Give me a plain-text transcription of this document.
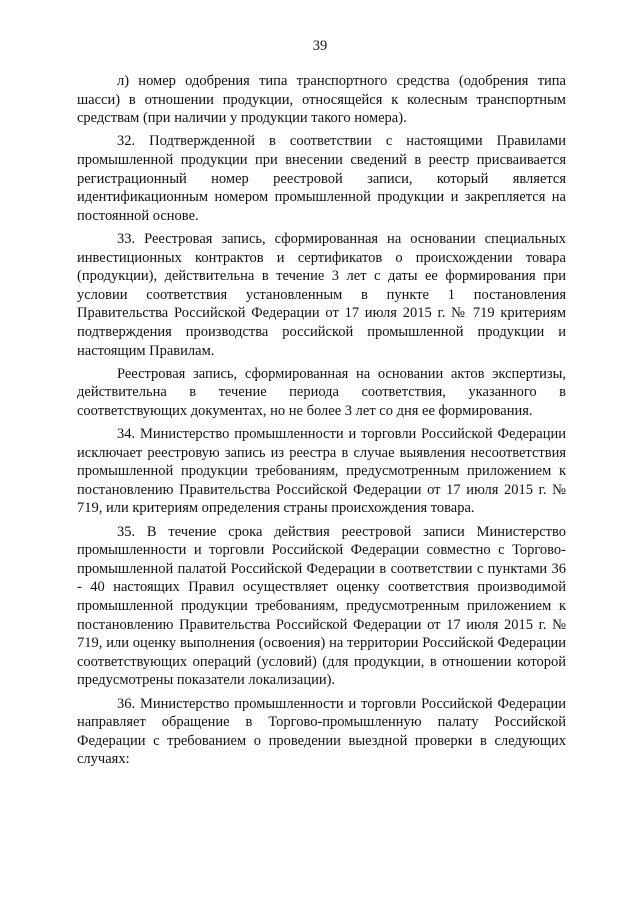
39

л) номер одобрения типа транспортного средства (одобрения типа шасси) в отношении продукции, относящейся к колесным транспортным средствам (при наличии у продукции такого номера).

32. Подтвержденной в соответствии с настоящими Правилами промышленной продукции при внесении сведений в реестр присваивается регистрационный номер реестровой записи, который является идентификационным номером промышленной продукции и закрепляется на постоянной основе.

33. Реестровая запись, сформированная на основании специальных инвестиционных контрактов и сертификатов о происхождении товара (продукции), действительна в течение 3 лет с даты ее формирования при условии соответствия установленным в пункте 1 постановления Правительства Российской Федерации от 17 июля 2015 г. № 719 критериям подтверждения производства российской промышленной продукции и настоящим Правилам.

Реестровая запись, сформированная на основании актов экспертизы, действительна в течение периода соответствия, указанного в соответствующих документах, но не более 3 лет со дня ее формирования.

34. Министерство промышленности и торговли Российской Федерации исключает реестровую запись из реестра в случае выявления несоответствия промышленной продукции требованиям, предусмотренным приложением к постановлению Правительства Российской Федерации от 17 июля 2015 г. № 719, или критериям определения страны происхождения товара.

35. В течение срока действия реестровой записи Министерство промышленности и торговли Российской Федерации совместно с Торгово-промышленной палатой Российской Федерации в соответствии с пунктами 36 - 40 настоящих Правил осуществляет оценку соответствия производимой промышленной продукции требованиям, предусмотренным приложением к постановлению Правительства Российской Федерации от 17 июля 2015 г. № 719, или оценку выполнения (освоения) на территории Российской Федерации соответствующих операций (условий) (для продукции, в отношении которой предусмотрены показатели локализации).

36. Министерство промышленности и торговли Российской Федерации направляет обращение в Торгово-промышленную палату Российской Федерации с требованием о проведении выездной проверки в следующих случаях:
